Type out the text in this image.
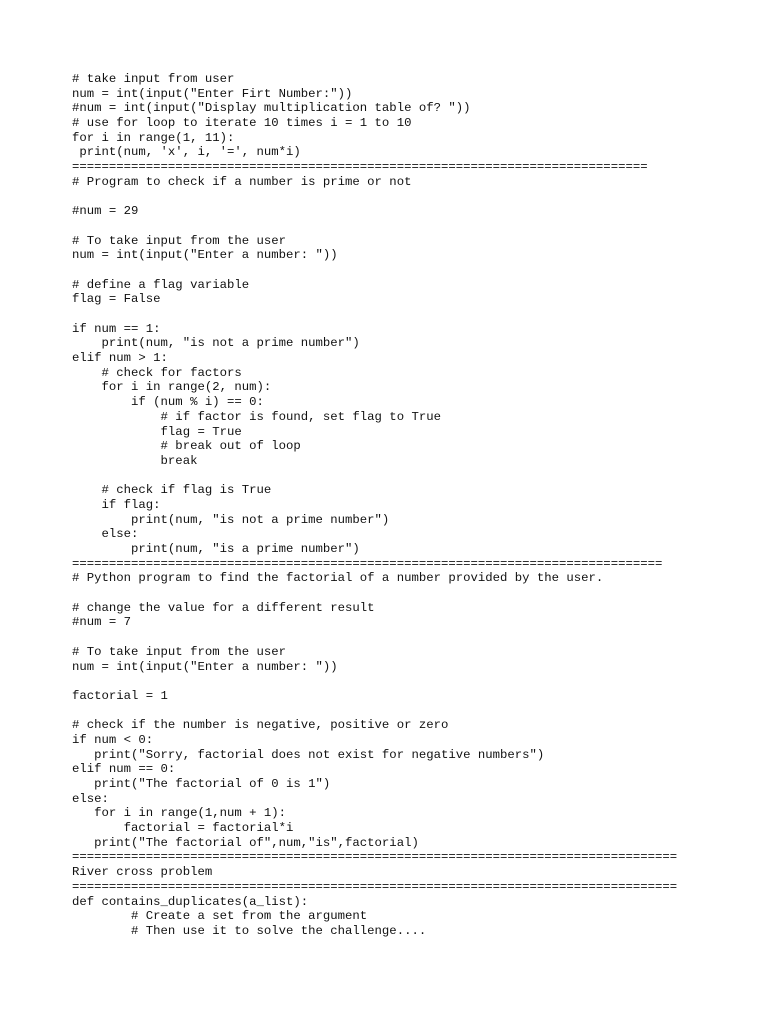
# take input from user
num = int(input("Enter Firt Number:"))
#num = int(input("Display multiplication table of? "))
# use for loop to iterate 10 times i = 1 to 10
for i in range(1, 11):
print(num, 'x', i, '=', num*i)
==============================================================================
# Program to check if a number is prime or not
#num = 29
# To take input from the user
num = int(input("Enter a number: "))
# define a flag variable
flag = False
if num == 1:
print(num, "is not a prime number")
elif num > 1:
# check for factors
for i in range(2, num):
if (num % i) == 0:
# if factor is found, set flag to True
flag = True
# break out of loop
break
# check if flag is True
if flag:
print(num, "is not a prime number")
else:
print(num, "is a prime number")
================================================================================
# Python program to find the factorial of a number provided by the user.
# change the value for a different result
#num = 7
# To take input from the user
num = int(input("Enter a number: "))
factorial = 1
# check if the number is negative, positive or zero
if num < 0:
print("Sorry, factorial does not exist for negative numbers")
elif num == 0:
print("The factorial of 0 is 1")
else:
for i in range(1,num + 1):
factorial = factorial*i
print("The factorial of",num,"is",factorial)
==================================================================================
River cross problem
==================================================================================
def contains_duplicates(a_list):
# Create a set from the argument
# Then use it to solve the challenge....
